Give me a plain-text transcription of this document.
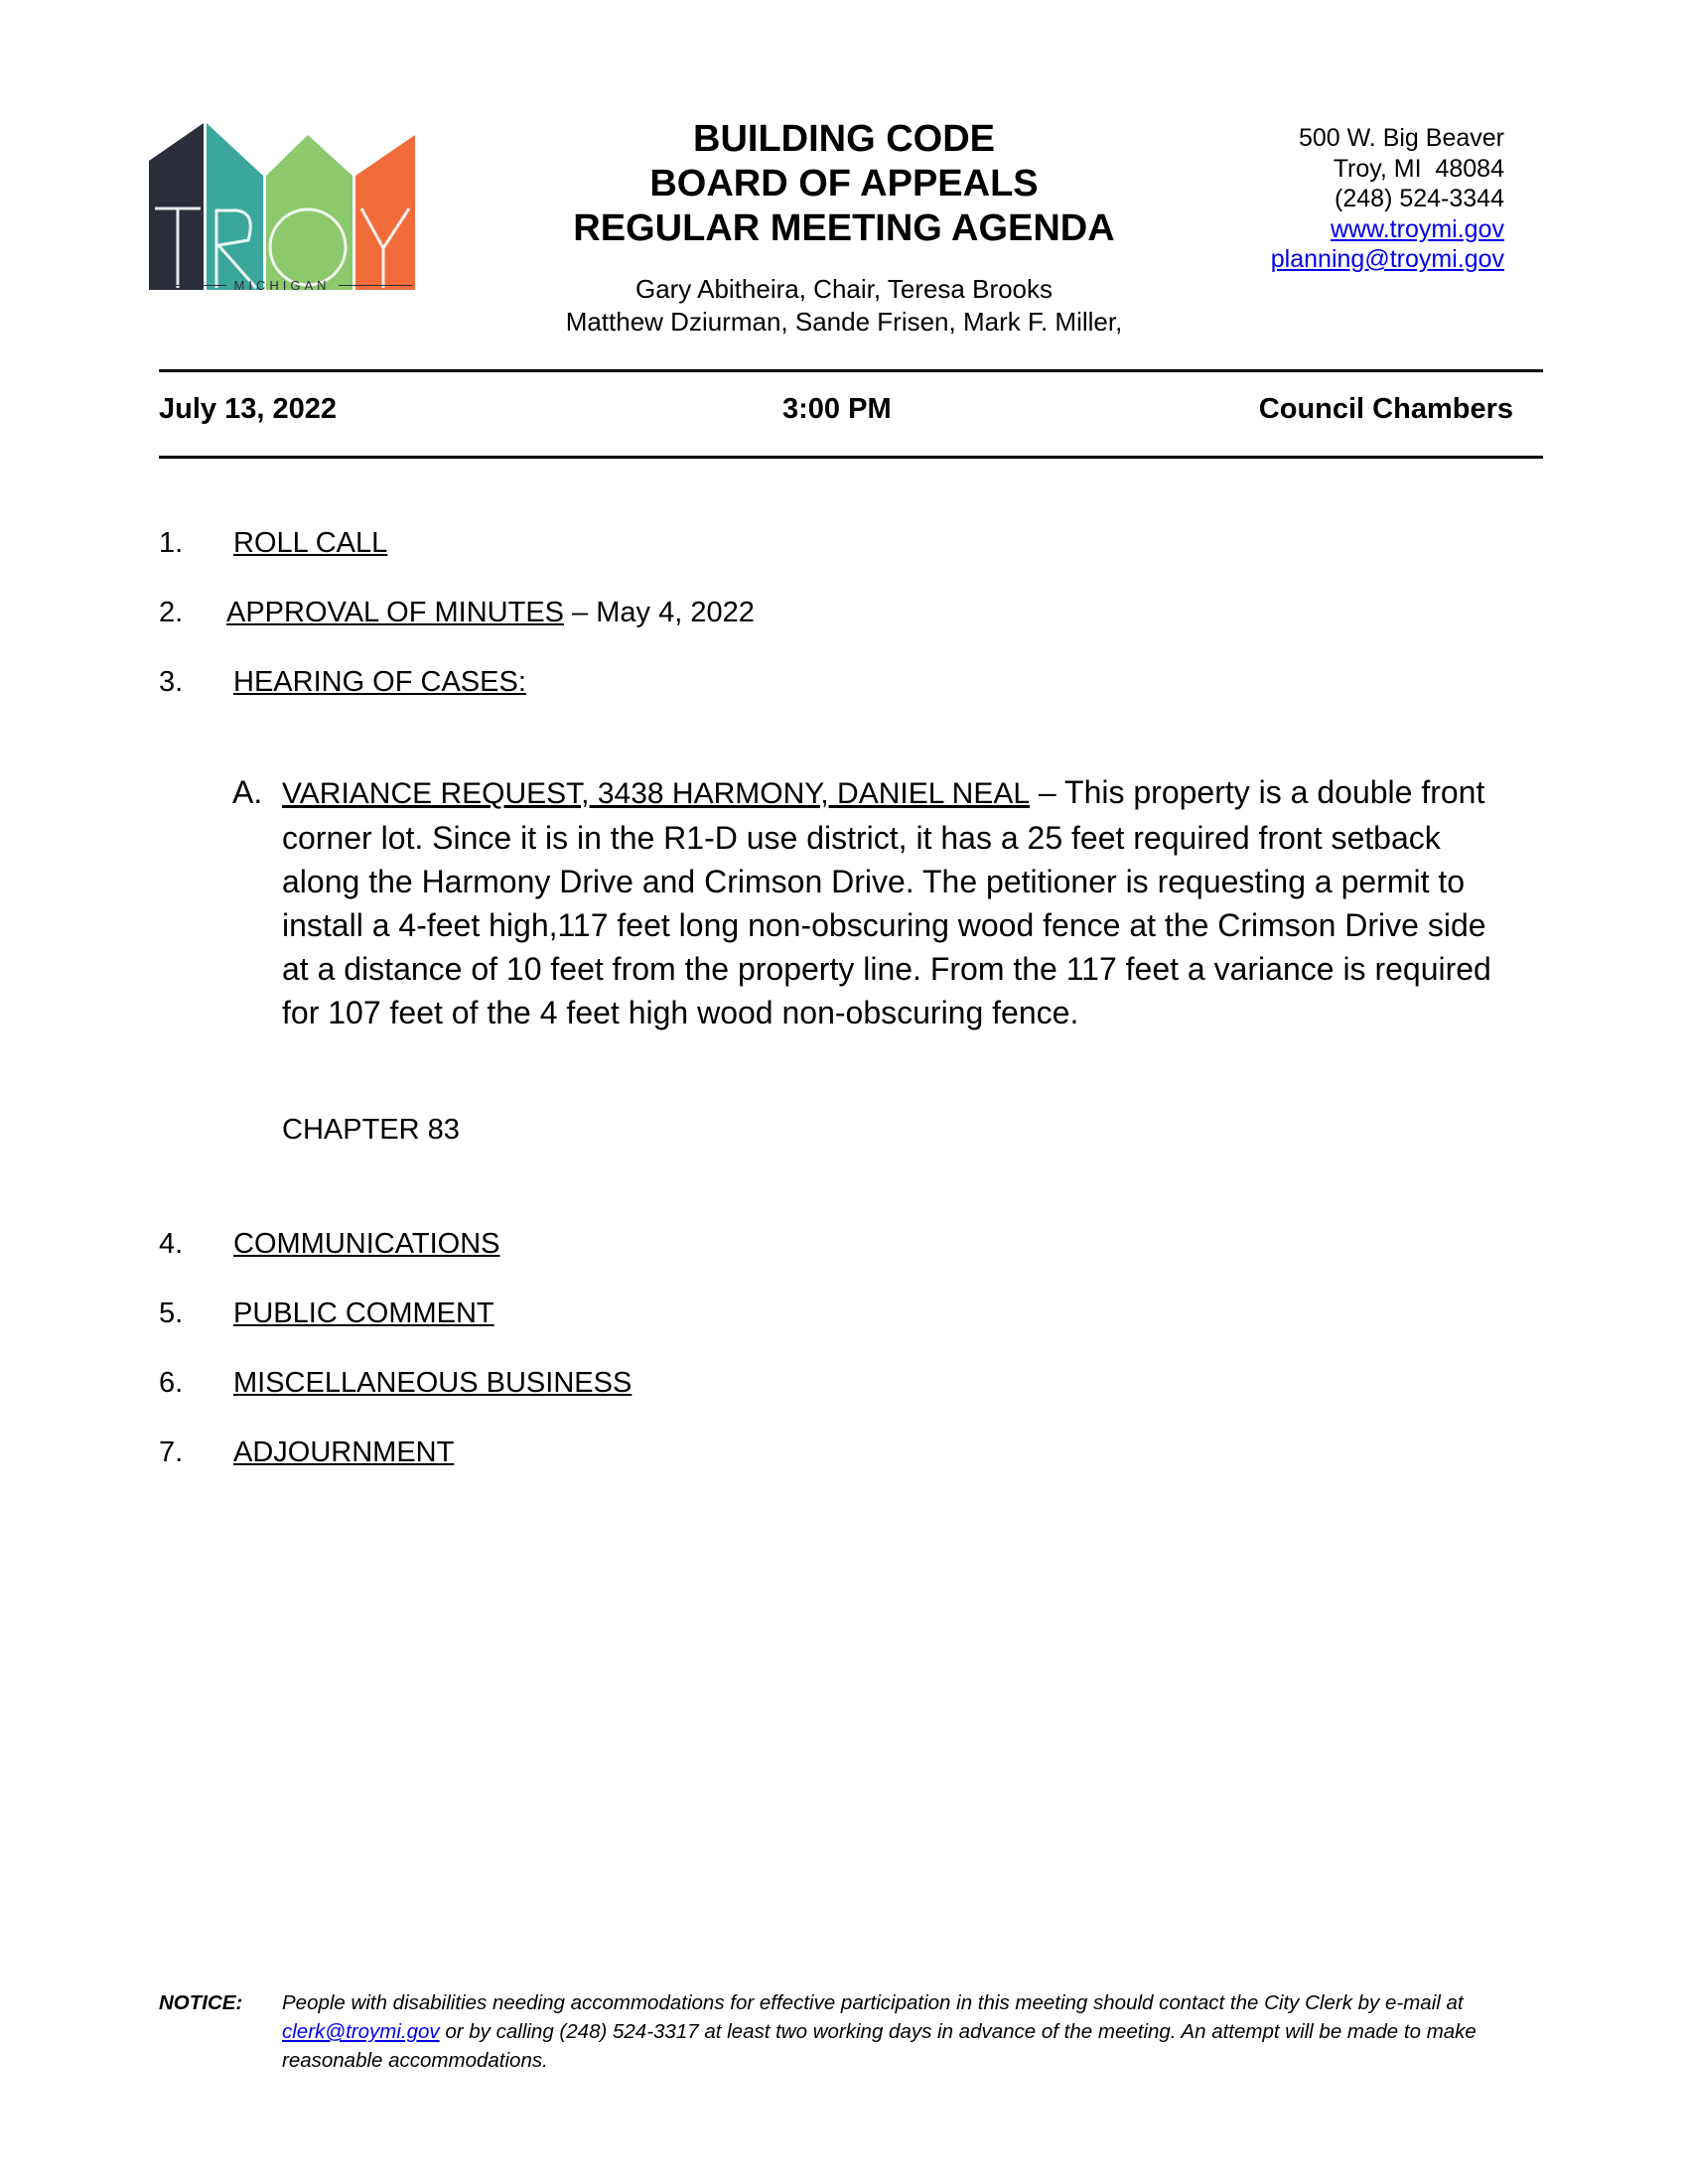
MICHIGAN
BUILDING CODE
BOARD OF APPEALS
REGULAR MEETING AGENDA
Gary Abitheira, Chair, Teresa Brooks
Matthew Dziurman, Sande Frisen, Mark F. Miller,
500 W. Big Beaver
Troy, MI  48084
(248) 524-3344
www.troymi.gov
planning@troymi.gov
July 13, 2022	3:00 PM	Council Chambers
1. ROLL CALL
2. APPROVAL OF MINUTES – May 4, 2022
3. HEARING OF CASES:
A. VARIANCE REQUEST, 3438 HARMONY, DANIEL NEAL – This property is a double front corner lot. Since it is in the R1-D use district, it has a 25 feet required front setback along the Harmony Drive and Crimson Drive. The petitioner is requesting a permit to install a 4-feet high,117 feet long non-obscuring wood fence at the Crimson Drive side at a distance of 10 feet from the property line. From the 117 feet a variance is required for 107 feet of the 4 feet high wood non-obscuring fence.
CHAPTER 83
4. COMMUNICATIONS
5. PUBLIC COMMENT
6. MISCELLANEOUS BUSINESS
7. ADJOURNMENT
NOTICE: People with disabilities needing accommodations for effective participation in this meeting should contact the City Clerk by e-mail at clerk@troymi.gov or by calling (248) 524-3317 at least two working days in advance of the meeting. An attempt will be made to make reasonable accommodations.
